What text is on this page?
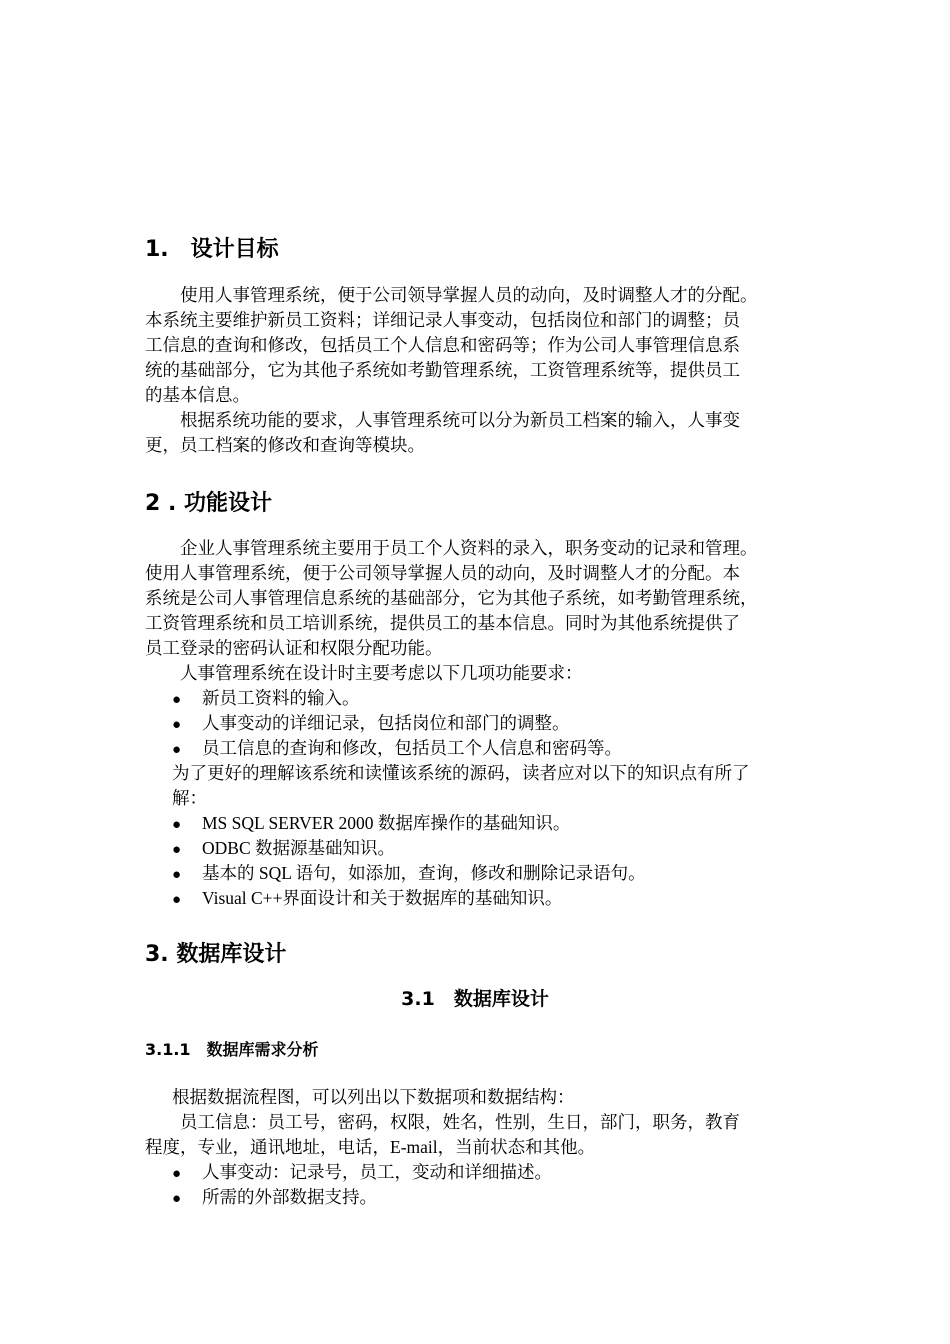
1.　设计目标
使用人事管理系统，便于公司领导掌握人员的动向，及时调整人才的分配。
本系统主要维护新员工资料；详细记录人事变动，包括岗位和部门的调整；员
工信息的查询和修改，包括员工个人信息和密码等；作为公司人事管理信息系
统的基础部分，它为其他子系统如考勤管理系统，工资管理系统等，提供员工
的基本信息。
根据系统功能的要求，人事管理系统可以分为新员工档案的输入，人事变
更，员工档案的修改和查询等模块。
2 . 功能设计
企业人事管理系统主要用于员工个人资料的录入，职务变动的记录和管理。
使用人事管理系统，便于公司领导掌握人员的动向，及时调整人才的分配。本
系统是公司人事管理信息系统的基础部分，它为其他子系统，如考勤管理系统，
工资管理系统和员工培训系统，提供员工的基本信息。同时为其他系统提供了
员工登录的密码认证和权限分配功能。
人事管理系统在设计时主要考虑以下几项功能要求：
● 新员工资料的输入。
● 人事变动的详细记录，包括岗位和部门的调整。
● 员工信息的查询和修改，包括员工个人信息和密码等。
为了更好的理解该系统和读懂该系统的源码，读者应对以下的知识点有所了
解：
● MS SQL SERVER 2000 数据库操作的基础知识。
● ODBC 数据源基础知识。
● 基本的 SQL 语句，如添加，查询，修改和删除记录语句。
● Visual C++界面设计和关于数据库的基础知识。
3. 数据库设计
3.1　数据库设计
3.1.1　数据库需求分析
根据数据流程图，可以列出以下数据项和数据结构：
员工信息：员工号，密码，权限，姓名，性别，生日，部门，职务，教育
程度，专业，通讯地址，电话，E-mail，当前状态和其他。
● 人事变动：记录号，员工，变动和详细描述。
● 所需的外部数据支持。
